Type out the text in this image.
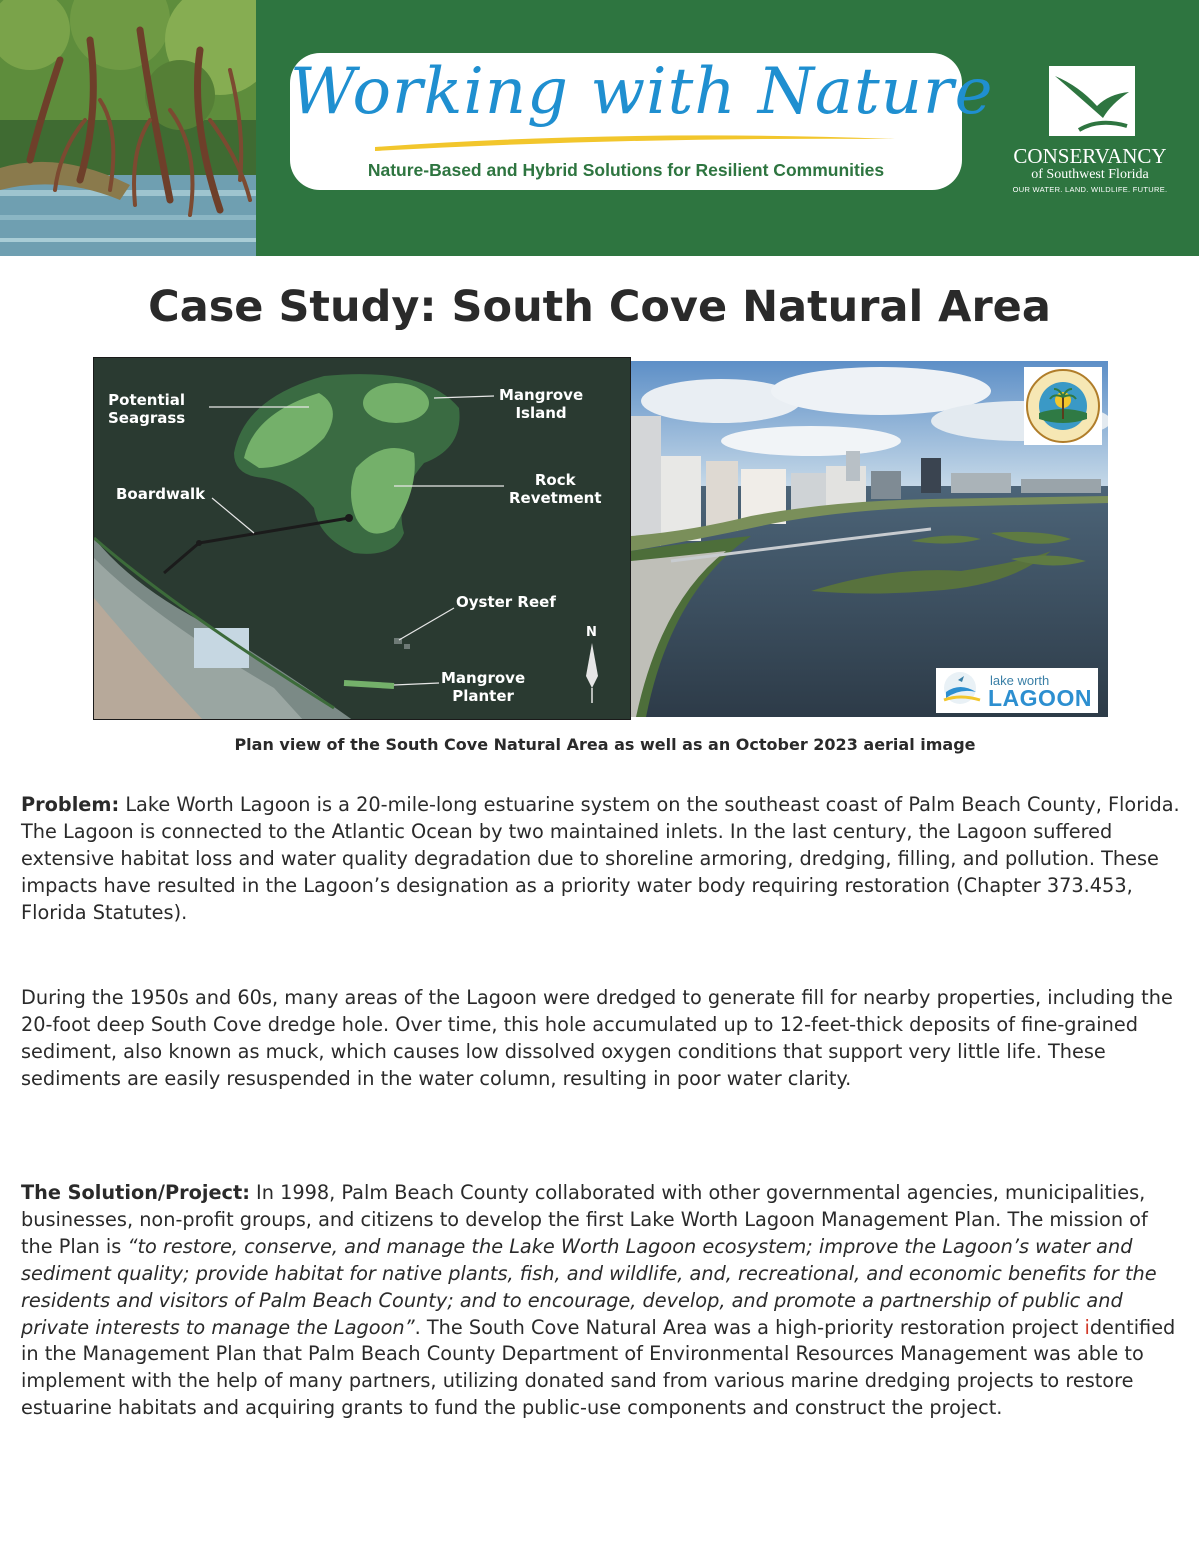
Working with Nature
Nature-Based and Hybrid Solutions for Resilient Communities
CONSERVANCY
of Southwest Florida
OUR WATER. LAND. WILDLIFE. FUTURE.
Case Study: South Cove Natural Area
Potential
Seagrass
Mangrove
Island
Boardwalk
Rock
Revetment
Oyster Reef
Mangrove
Planter
N
lake worth
LAGOON
Plan view of the South Cove Natural Area as well as an October 2023 aerial image
Problem: Lake Worth Lagoon is a 20-mile-long estuarine system on the southeast coast of Palm Beach County, Florida. The Lagoon is connected to the Atlantic Ocean by two maintained inlets. In the last century, the Lagoon suffered extensive habitat loss and water quality degradation due to shoreline armoring, dredging, filling, and pollution. These impacts have resulted in the Lagoon’s designation as a priority water body requiring restoration (Chapter 373.453, Florida Statutes).
During the 1950s and 60s, many areas of the Lagoon were dredged to generate fill for nearby properties, including the 20-foot deep South Cove dredge hole. Over time, this hole accumulated up to 12-feet-thick deposits of fine-grained sediment, also known as muck, which causes low dissolved oxygen conditions that support very little life. These sediments are easily resuspended in the water column, resulting in poor water clarity.
The Solution/Project: In 1998, Palm Beach County collaborated with other governmental agencies, municipalities, businesses, non-profit groups, and citizens to develop the first Lake Worth Lagoon Management Plan. The mission of the Plan is “to restore, conserve, and manage the Lake Worth Lagoon ecosystem; improve the Lagoon’s water and sediment quality; provide habitat for native plants, fish, and wildlife, and, recreational, and economic benefits for the residents and visitors of Palm Beach County; and to encourage, develop, and promote a partnership of public and private interests to manage the Lagoon”. The South Cove Natural Area was a high-priority restoration project identified in the Management Plan that Palm Beach County Department of Environmental Resources Management was able to implement with the help of many partners, utilizing donated sand from various marine dredging projects to restore estuarine habitats and acquiring grants to fund the public-use components and construct the project.
